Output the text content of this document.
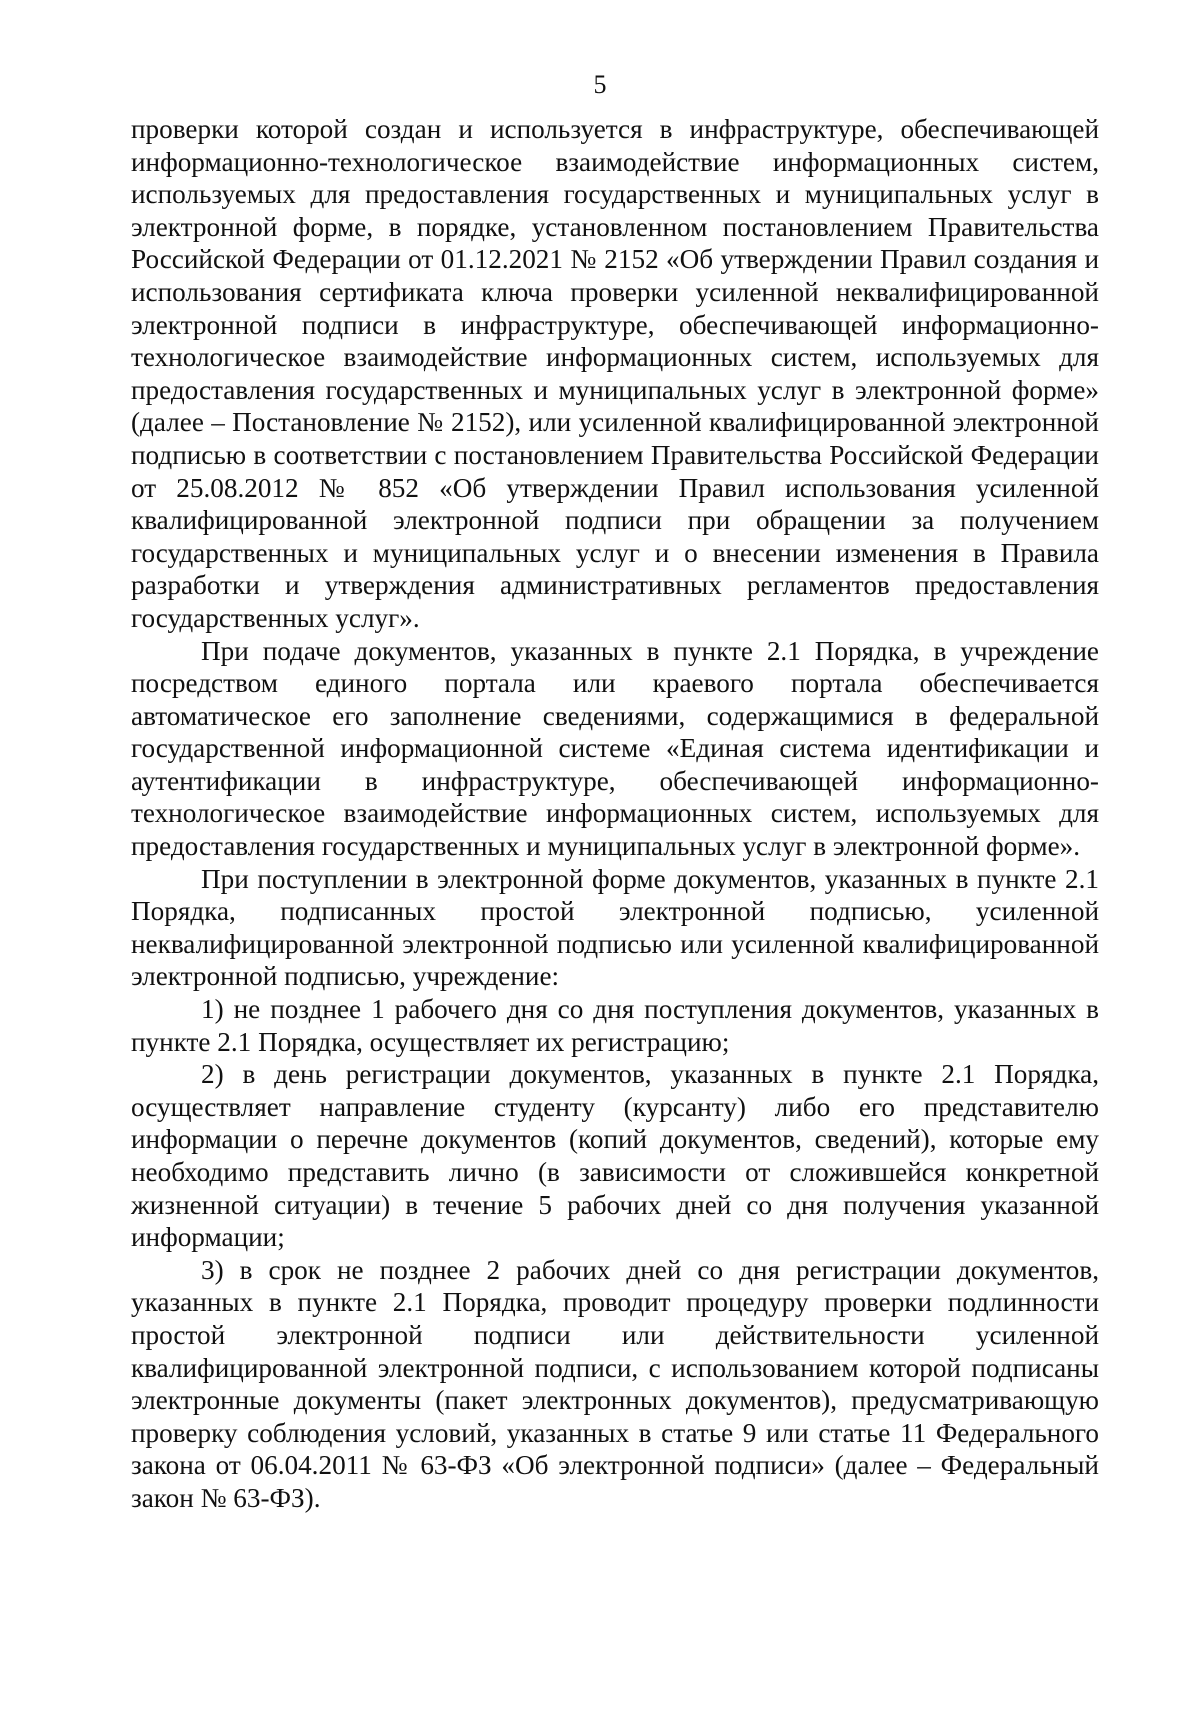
5

проверки которой создан и используется в инфраструктуре, обеспечивающей информационно-технологическое взаимодействие информационных систем, используемых для предоставления государственных и муниципальных услуг в электронной форме, в порядке, установленном постановлением Правительства Российской Федерации от 01.12.2021 № 2152 «Об утверждении Правил создания и использования сертификата ключа проверки усиленной неквалифицированной электронной подписи в инфраструктуре, обеспечивающей информационно-технологическое взаимодействие информационных систем, используемых для предоставления государственных и муниципальных услуг в электронной форме» (далее – Постановление № 2152), или усиленной квалифицированной электронной подписью в соответствии с постановлением Правительства Российской Федерации от 25.08.2012 № 852 «Об утверждении Правил использования усиленной квалифицированной электронной подписи при обращении за получением государственных и муниципальных услуг и о внесении изменения в Правила разработки и утверждения административных регламентов предоставления государственных услуг».

При подаче документов, указанных в пункте 2.1 Порядка, в учреждение посредством единого портала или краевого портала обеспечивается автоматическое его заполнение сведениями, содержащимися в федеральной государственной информационной системе «Единая система идентификации и аутентификации в инфраструктуре, обеспечивающей информационно-технологическое взаимодействие информационных систем, используемых для предоставления государственных и муниципальных услуг в электронной форме».

При поступлении в электронной форме документов, указанных в пункте 2.1 Порядка, подписанных простой электронной подписью, усиленной неквалифицированной электронной подписью или усиленной квалифицированной электронной подписью, учреждение:

1) не позднее 1 рабочего дня со дня поступления документов, указанных в пункте 2.1 Порядка, осуществляет их регистрацию;

2) в день регистрации документов, указанных в пункте 2.1 Порядка, осуществляет направление студенту (курсанту) либо его представителю информации о перечне документов (копий документов, сведений), которые ему необходимо представить лично (в зависимости от сложившейся конкретной жизненной ситуации) в течение 5 рабочих дней со дня получения указанной информации;

3) в срок не позднее 2 рабочих дней со дня регистрации документов, указанных в пункте 2.1 Порядка, проводит процедуру проверки подлинности простой электронной подписи или действительности усиленной квалифицированной электронной подписи, с использованием которой подписаны электронные документы (пакет электронных документов), предусматривающую проверку соблюдения условий, указанных в статье 9 или статье 11 Федерального закона от 06.04.2011 № 63-ФЗ «Об электронной подписи» (далее – Федеральный закон № 63-ФЗ).
